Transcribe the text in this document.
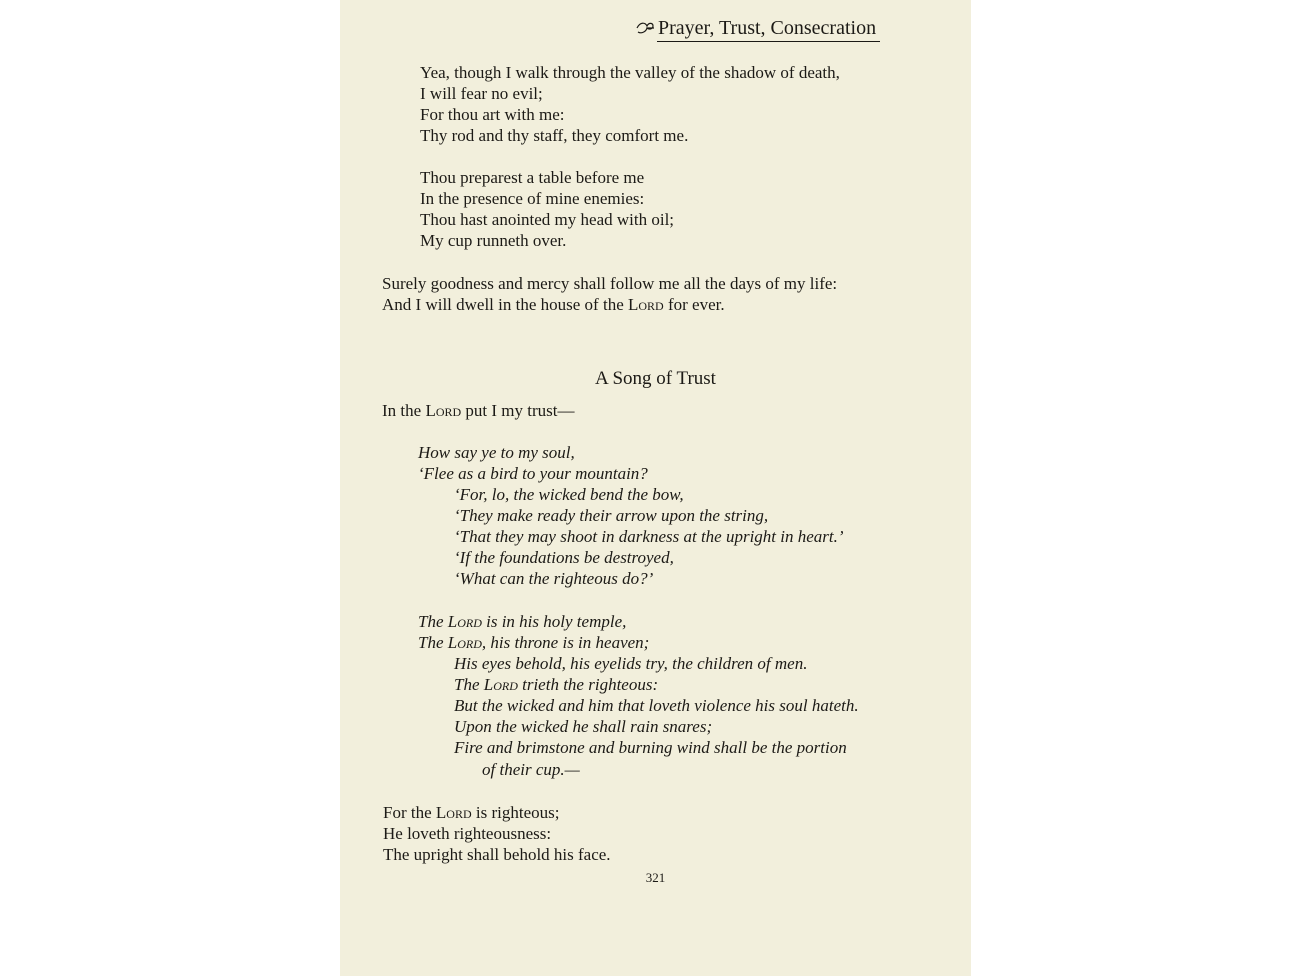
Prayer, Trust, Consecration
Yea, though I walk through the valley of the shadow of death,
I will fear no evil;
For thou art with me:
Thy rod and thy staff, they comfort me.
Thou preparest a table before me
In the presence of mine enemies:
Thou hast anointed my head with oil;
My cup runneth over.
Surely goodness and mercy shall follow me all the days of my life:
And I will dwell in the house of the Lord for ever.
A Song of Trust
In the Lord put I my trust—
How say ye to my soul,
‘Flee as a bird to your mountain?
‘For, lo, the wicked bend the bow,
‘They make ready their arrow upon the string,
‘That they may shoot in darkness at the upright in heart.’
‘If the foundations be destroyed,
‘What can the righteous do?’
The Lord is in his holy temple,
The Lord, his throne is in heaven;
His eyes behold, his eyelids try, the children of men.
The Lord trieth the righteous:
But the wicked and him that loveth violence his soul hateth.
Upon the wicked he shall rain snares;
Fire and brimstone and burning wind shall be the portion
of their cup.—
For the Lord is righteous;
He loveth righteousness:
The upright shall behold his face.
321
